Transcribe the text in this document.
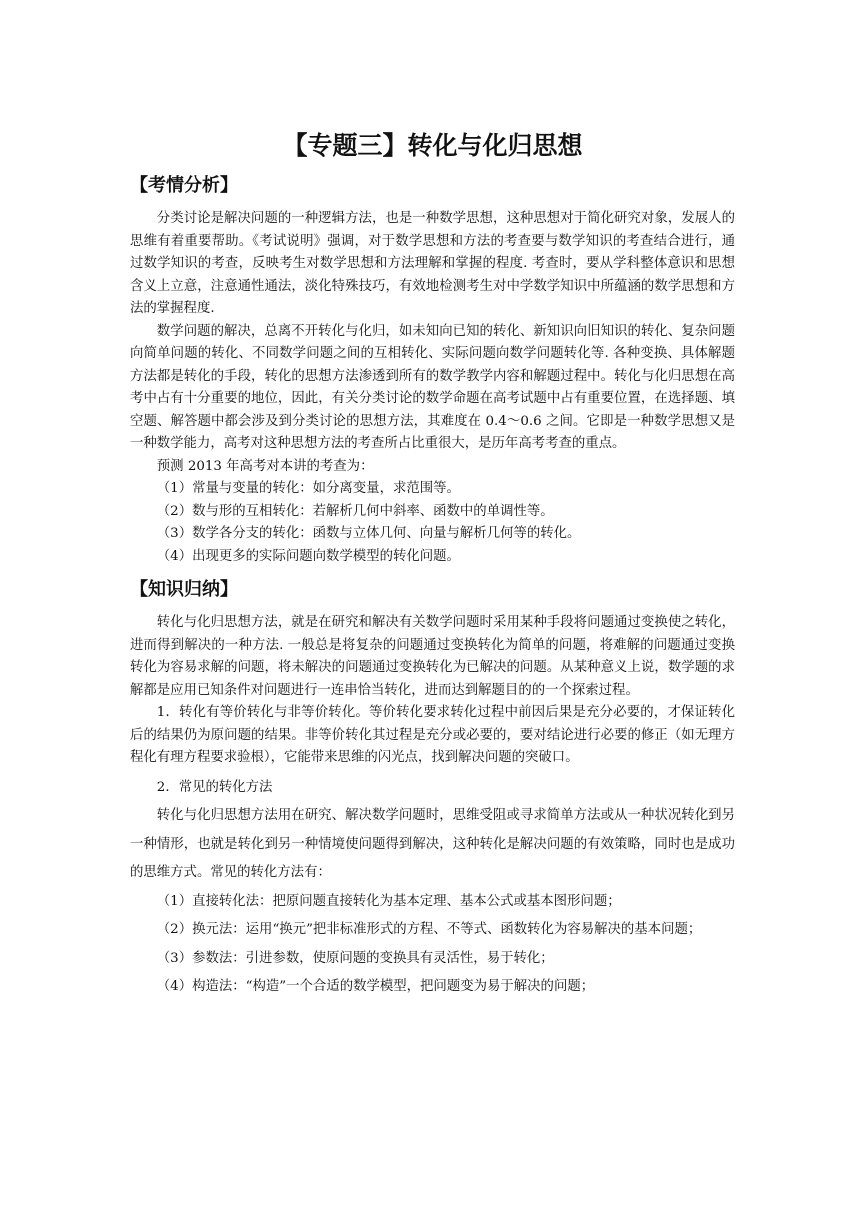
【专题三】转化与化归思想
【考情分析】

分类讨论是解决问题的一种逻辑方法，也是一种数学思想，这种思想对于简化研究对象，发展人的思维有着重要帮助。《考试说明》强调，对于数学思想和方法的考查要与数学知识的考查结合进行，通过数学知识的考查，反映考生对数学思想和方法理解和掌握的程度. 考查时，要从学科整体意识和思想含义上立意，注意通性通法，淡化特殊技巧，有效地检测考生对中学数学知识中所蕴涵的数学思想和方法的掌握程度.

数学问题的解决，总离不开转化与化归，如未知向已知的转化、新知识向旧知识的转化、复杂问题向简单问题的转化、不同数学问题之间的互相转化、实际问题向数学问题转化等. 各种变换、具体解题方法都是转化的手段，转化的思想方法渗透到所有的数学教学内容和解题过程中。转化与化归思想在高考中占有十分重要的地位，因此，有关分类讨论的数学命题在高考试题中占有重要位置，在选择题、填空题、解答题中都会涉及到分类讨论的思想方法，其难度在 0.4～0.6 之间。它即是一种数学思想又是一种数学能力，高考对这种思想方法的考查所占比重很大，是历年高考考查的重点。

预测 2013 年高考对本讲的考查为：

（1）常量与变量的转化：如分离变量，求范围等。

（2）数与形的互相转化：若解析几何中斜率、函数中的单调性等。

（3）数学各分支的转化：函数与立体几何、向量与解析几何等的转化。

（4）出现更多的实际问题向数学模型的转化问题。

【知识归纳】

转化与化归思想方法，就是在研究和解决有关数学问题时采用某种手段将问题通过变换使之转化，进而得到解决的一种方法. 一般总是将复杂的问题通过变换转化为简单的问题，将难解的问题通过变换转化为容易求解的问题，将未解决的问题通过变换转化为已解决的问题。从某种意义上说，数学题的求解都是应用已知条件对问题进行一连串恰当转化，进而达到解题目的的一个探索过程。

1．转化有等价转化与非等价转化。等价转化要求转化过程中前因后果是充分必要的，才保证转化后的结果仍为原问题的结果。非等价转化其过程是充分或必要的，要对结论进行必要的修正（如无理方程化有理方程要求验根），它能带来思维的闪光点，找到解决问题的突破口。

2．常见的转化方法

转化与化归思想方法用在研究、解决数学问题时，思维受阻或寻求简单方法或从一种状况转化到另一种情形，也就是转化到另一种情境使问题得到解决，这种转化是解决问题的有效策略，同时也是成功的思维方式。常见的转化方法有：

（1）直接转化法：把原问题直接转化为基本定理、基本公式或基本图形问题；

（2）换元法：运用“换元”把非标准形式的方程、不等式、函数转化为容易解决的基本问题；

（3）参数法：引进参数，使原问题的变换具有灵活性，易于转化；

（4）构造法：“构造”一个合适的数学模型，把问题变为易于解决的问题；
